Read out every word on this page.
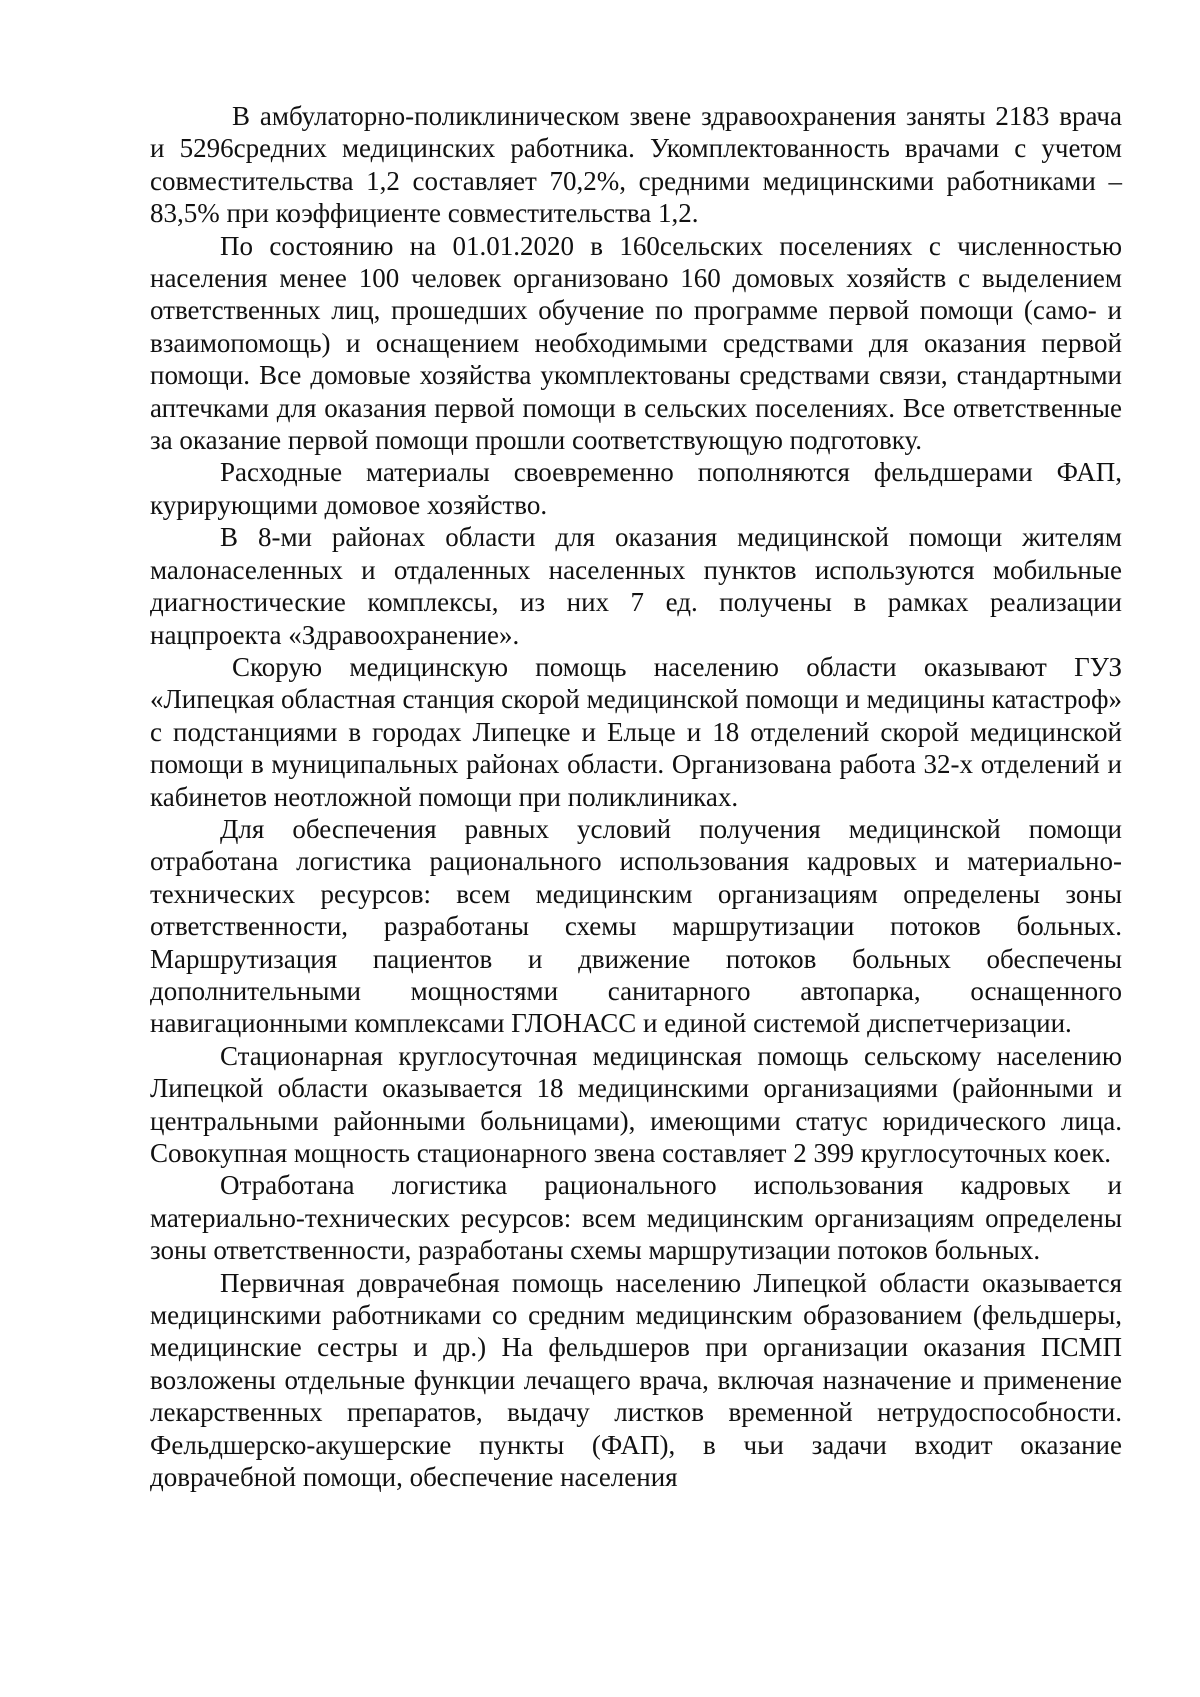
В амбулаторно-поликлиническом звене здравоохранения заняты 2183 врача и 5296средних медицинских работника. Укомплектованность врачами с учетом совместительства 1,2 составляет 70,2%, средними медицинскими работниками – 83,5% при коэффициенте совместительства 1,2.

По состоянию на 01.01.2020 в 160сельских поселениях с численностью населения менее 100 человек организовано 160 домовых хозяйств с выделением ответственных лиц, прошедших обучение по программе первой помощи (само- и взаимопомощь) и оснащением необходимыми средствами для оказания первой помощи. Все домовые хозяйства укомплектованы средствами связи, стандартными аптечками для оказания первой помощи в сельских поселениях. Все ответственные за оказание первой помощи прошли соответствующую подготовку.

Расходные материалы своевременно пополняются фельдшерами ФАП, курирующими домовое хозяйство.

В 8-ми районах области для оказания медицинской помощи жителям малонаселенных и отдаленных населенных пунктов используются мобильные диагностические комплексы, из них 7 ед. получены в рамках реализации нацпроекта «Здравоохранение».

Скорую медицинскую помощь населению области оказывают ГУЗ «Липецкая областная станция скорой медицинской помощи и медицины катастроф» с подстанциями в городах Липецке и Ельце и 18 отделений скорой медицинской помощи в муниципальных районах области. Организована работа 32-х отделений и кабинетов неотложной помощи при поликлиниках.

Для обеспечения равных условий получения медицинской помощи отработана логистика рационального использования кадровых и материально-технических ресурсов: всем медицинским организациям определены зоны ответственности, разработаны схемы маршрутизации потоков больных. Маршрутизация пациентов и движение потоков больных обеспечены дополнительными мощностями санитарного автопарка, оснащенного навигационными комплексами ГЛОНАСС и единой системой диспетчеризации.

Стационарная круглосуточная медицинская помощь сельскому населению Липецкой области оказывается 18 медицинскими организациями (районными и центральными районными больницами), имеющими статус юридического лица. Совокупная мощность стационарного звена составляет 2 399 круглосуточных коек.

Отработана логистика рационального использования кадровых и материально-технических ресурсов: всем медицинским организациям определены зоны ответственности, разработаны схемы маршрутизации потоков больных.

Первичная доврачебная помощь населению Липецкой области оказывается медицинскими работниками со средним медицинским образованием (фельдшеры, медицинские сестры и др.) На фельдшеров при организации оказания ПСМП возложены отдельные функции лечащего врача, включая назначение и применение лекарственных препаратов, выдачу листков временной нетрудоспособности. Фельдшерско-акушерские пункты (ФАП), в чьи задачи входит оказание доврачебной помощи, обеспечение населения
